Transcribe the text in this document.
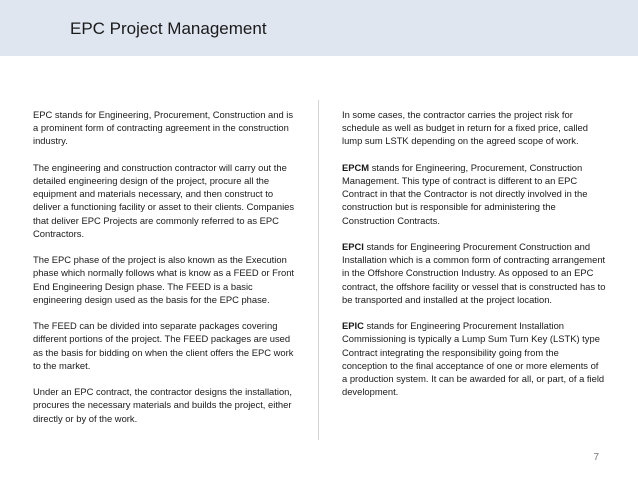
EPC Project Management

EPC stands for Engineering, Procurement, Construction and is a prominent form of contracting agreement in the construction industry.

The engineering and construction contractor will carry out the detailed engineering design of the project, procure all the equipment and materials necessary, and then construct to deliver a functioning facility or asset to their clients. Companies that deliver EPC Projects are commonly referred to as EPC Contractors.

The EPC phase of the project is also known as the Execution phase which normally follows what is know as a FEED or Front End Engineering Design phase. The FEED is a basic engineering design used as the basis for the EPC phase.

The FEED can be divided into separate packages covering different portions of the project. The FEED packages are used as the basis for bidding on when the client offers the EPC work to the market.

Under an EPC contract, the contractor designs the installation, procures the necessary materials and builds the project, either directly or by of the work.

In some cases, the contractor carries the project risk for schedule as well as budget in return for a fixed price, called lump sum LSTK depending on the agreed scope of work.

EPCM stands for Engineering, Procurement, Construction Management. This type of contract is different to an EPC Contract in that the Contractor is not directly involved in the construction but is responsible for administering the Construction Contracts.

EPCI stands for Engineering Procurement Construction and Installation which is a common form of contracting arrangement in the Offshore Construction Industry. As opposed to an EPC contract, the offshore facility or vessel that is constructed has to be transported and installed at the project location.

EPIC stands for Engineering Procurement Installation Commissioning is typically a Lump Sum Turn Key (LSTK) type Contract integrating the responsibility going from the conception to the final acceptance of one or more elements of a production system. It can be awarded for all, or part, of a field development.

7
